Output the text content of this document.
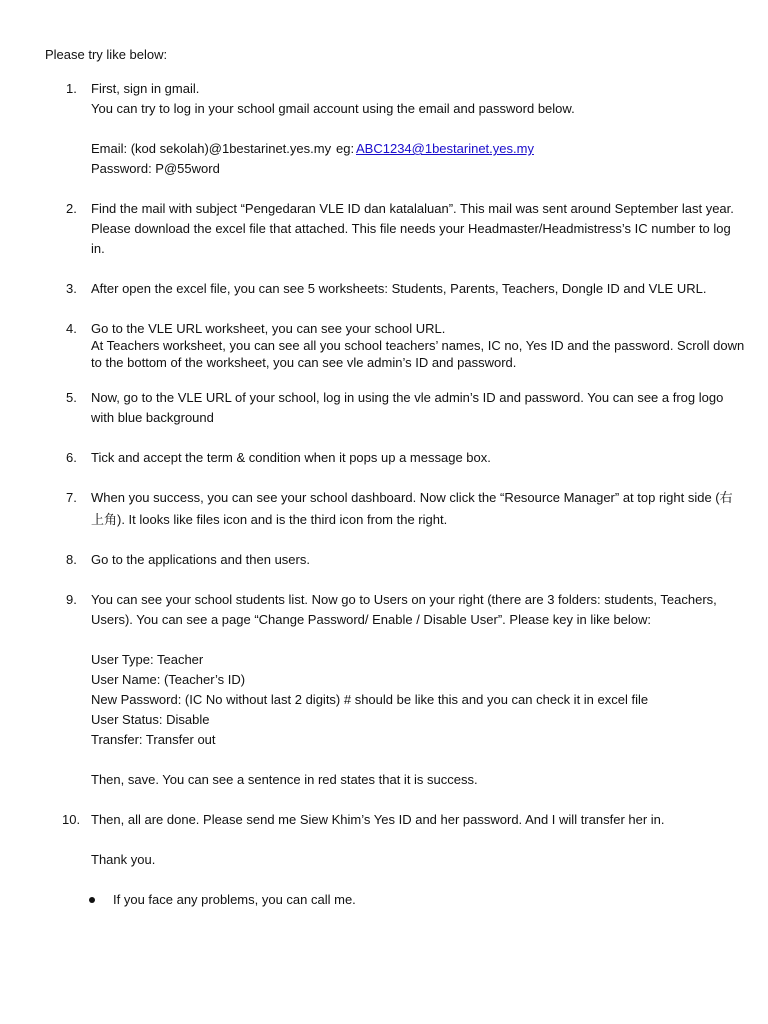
Please try like below:
1.	First, sign in gmail.
You can try to log in your school gmail account using the email and password below.
Email: (kod sekolah)@1bestarinet.yes.my eg: ABC1234@1bestarinet.yes.my
Password: P@55word
2.	Find the mail with subject “Pengedaran VLE ID dan katalaluan”. This mail was sent around September last year.
Please download the excel file that attached. This file needs your Headmaster/Headmistress’s IC number to log
in.
3.	After open the excel file, you can see 5 worksheets: Students, Parents, Teachers, Dongle ID and VLE URL.
4.	Go to the VLE URL worksheet, you can see your school URL.
At Teachers worksheet, you can see all you school teachers’ names, IC no, Yes ID and the password. Scroll down
to the bottom of the worksheet, you can see vle admin’s ID and password.
5.	Now, go to the VLE URL of your school, log in using the vle admin’s ID and password. You can see a frog logo
with blue background
6.	Tick and accept the term & condition when it pops up a message box.
7.	When you success, you can see your school dashboard. Now click the “Resource Manager” at top right side (右
上角). It looks like files icon and is the third icon from the right.
8.	Go to the applications and then users.
9.	You can see your school students list. Now go to Users on your right (there are 3 folders: students, Teachers,
Users). You can see a page “Change Password/ Enable / Disable User”. Please key in like below:
User Type: Teacher
User Name: (Teacher’s ID)
New Password: (IC No without last 2 digits) # should be like this and you can check it in excel file
User Status: Disable
Transfer: Transfer out
Then, save. You can see a sentence in red states that it is success.
10. Then, all are done. Please send me Siew Khim’s Yes ID and her password. And I will transfer her in.
Thank you.
If you face any problems, you can call me.
